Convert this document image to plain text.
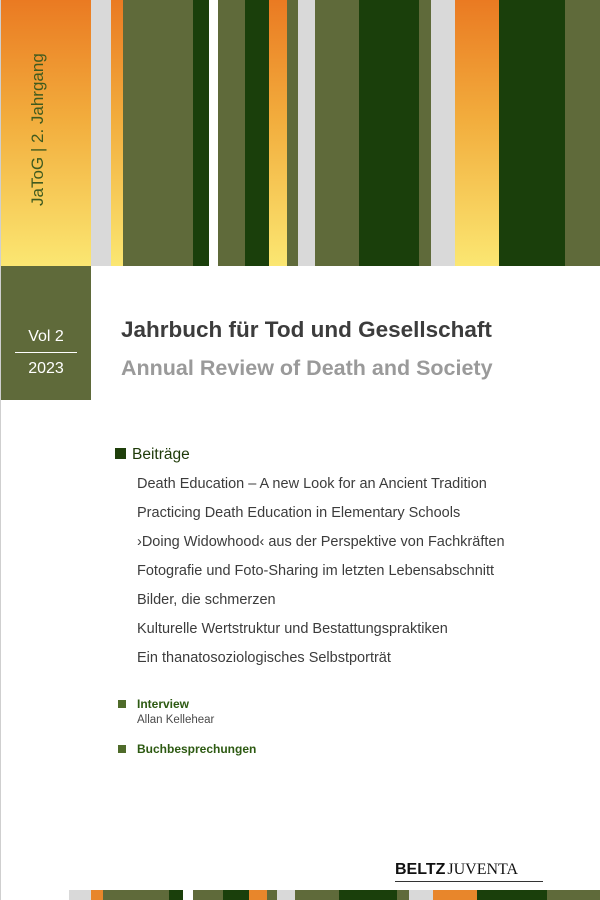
JaToG | 2. Jahrgang
Vol 2
2023
Jahrbuch für Tod und Gesellschaft
Annual Review of Death and Society
Beiträge
Death Education – A new Look for an Ancient Tradition
Practicing Death Education in Elementary Schools
›Doing Widowhood‹ aus der Perspektive von Fachkräften
Fotografie und Foto-Sharing im letzten Lebensabschnitt
Bilder, die schmerzen
Kulturelle Wertstruktur und Bestattungspraktiken
Ein thanatosoziologisches Selbstporträt
Interview
Allan Kellehear
Buchbesprechungen
BELTZ JUVENTA
